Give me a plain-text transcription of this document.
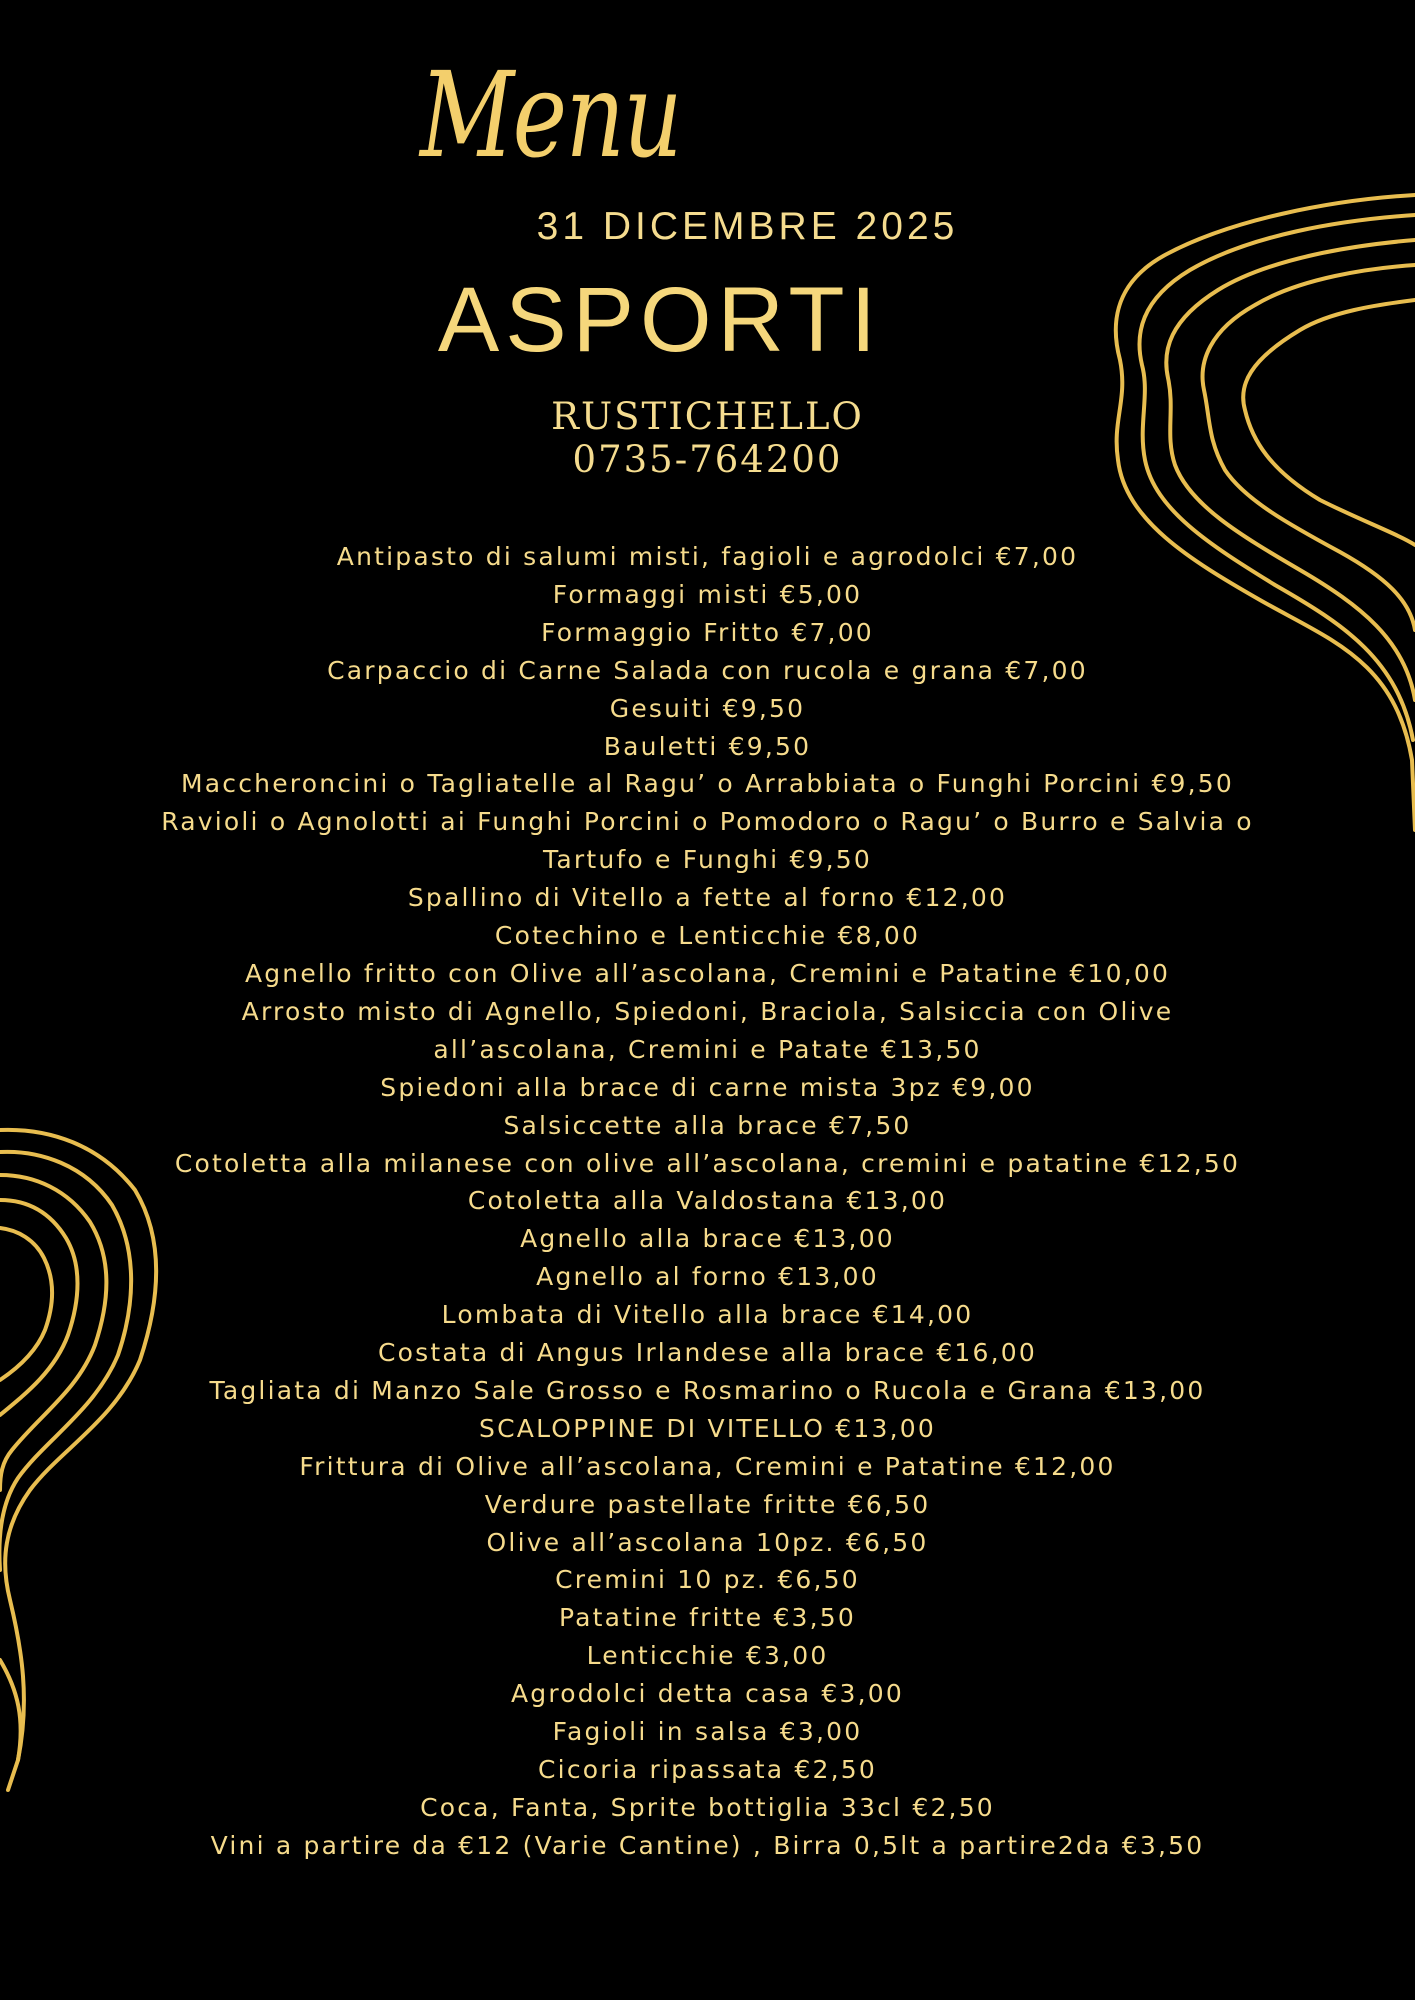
Menu
31 DICEMBRE 2025
ASPORTI
RUSTICHELLO
0735-764200
Antipasto di salumi misti, fagioli e agrodolci €7,00
Formaggi misti €5,00
Formaggio Fritto €7,00
Carpaccio di Carne Salada con rucola e grana €7,00
Gesuiti €9,50
Bauletti €9,50
Maccheroncini o Tagliatelle al Ragu’ o Arrabbiata o Funghi Porcini €9,50
Ravioli o Agnolotti ai Funghi Porcini o Pomodoro o Ragu’ o Burro e Salvia o
Tartufo e Funghi €9,50
Spallino di Vitello a fette al forno €12,00
Cotechino e Lenticchie €8,00
Agnello fritto con Olive all’ascolana, Cremini e Patatine €10,00
Arrosto misto di Agnello, Spiedoni, Braciola, Salsiccia con Olive
all’ascolana, Cremini e Patate €13,50
Spiedoni alla brace di carne mista 3pz €9,00
Salsiccette alla brace €7,50
Cotoletta alla milanese con olive all’ascolana, cremini e patatine €12,50
Cotoletta alla Valdostana €13,00
Agnello alla brace €13,00
Agnello al forno €13,00
Lombata di Vitello alla brace €14,00
Costata di Angus Irlandese alla brace €16,00
Tagliata di Manzo Sale Grosso e Rosmarino o Rucola e Grana €13,00
SCALOPPINE DI VITELLO €13,00
Frittura di Olive all’ascolana, Cremini e Patatine €12,00
Verdure pastellate fritte €6,50
Olive all’ascolana 10pz. €6,50
Cremini 10 pz. €6,50
Patatine fritte €3,50
Lenticchie €3,00
Agrodolci detta casa €3,00
Fagioli in salsa €3,00
Cicoria ripassata €2,50
Coca, Fanta, Sprite bottiglia 33cl €2,50
Vini a partire da €12 (Varie Cantine) , Birra 0,5lt a partire2da €3,50
